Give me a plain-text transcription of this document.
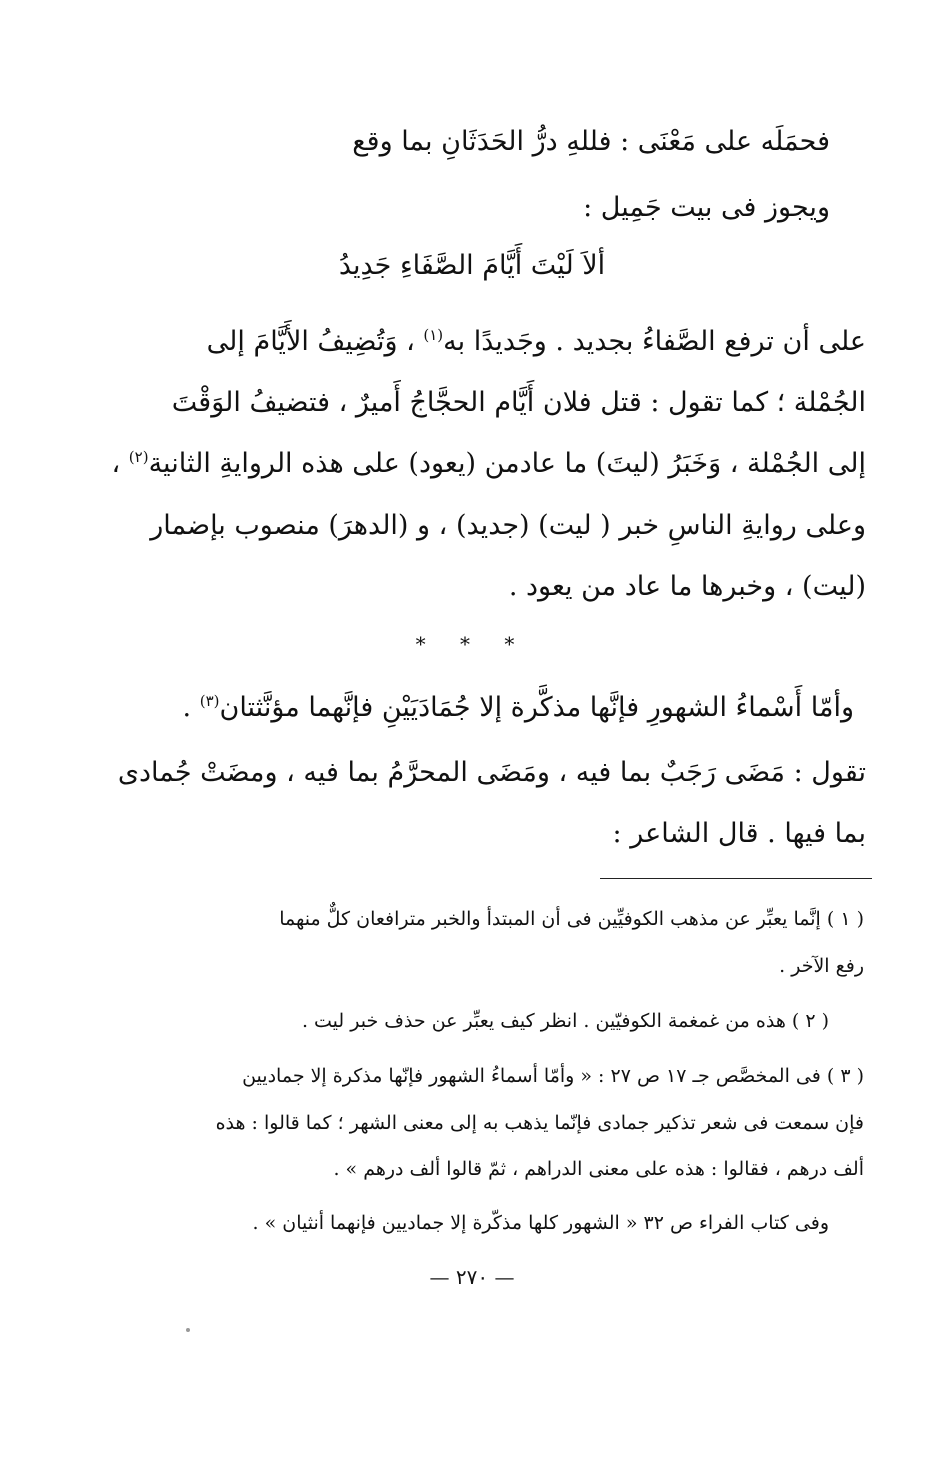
فحمَلَه على مَعْنَى : فللهِ درُّ الحَدَثَانِ بما وقع
ويجوز فى بيت جَمِيل :
ألاَ لَيْتَ أَيَّامَ الصَّفَاءِ جَدِيدُ
على أن ترفع الصَّفاءُ بجديد . وجَديدًا به$^{(١)}$ ، وَتُضِيفُ الأَيَّامَ إلى
الجُمْلة ؛ كما تقول : قتل فلان أَيَّام الحجَّاجُ أَميرٌ ، فتضيفُ الوَقْتَ
إلى الجُمْلة ، وَخَبَرُ (ليتَ) ما عادمن (يعود) على هذه الروايةِ الثانية$^{(٢)}$ ،
وعلى روايةِ الناسِ خبر ( ليت) (جديد) ، و (الدهرَ) منصوب بإضمار
(ليت) ، وخبرها ما عاد من يعود .
* * *
وأمّا أَسْماءُ الشهورِ فإنَّها مذكَّرة إلا جُمَادَيَيْنِ فإنَّهما مؤنَّثتان$^{(٣)}$ .
تقول : مَضَى رَجَبٌ بما فيه ، ومَضَى المحرَّمُ بما فيه ، ومضَتْ جُمادى
بما فيها . قال الشاعر :
( ١ ) إنَّما يعبِّر عن مذهب الكوفيِّين فى أن المبتدأ والخبر مترافعان كلٌّ منهما
رفع الآخر .
( ٢ ) هذه من غمغمة الكوفيّين . انظر كيف يعبِّر عن حذف خبر ليت .
( ٣ ) فى المخصَّص جـ ١٧ ص ٢٧ : « وأمّا أسماءُ الشهور فإنّها مذكرة إلا جماديين
فإن سمعت فى شعر تذكير جمادى فإنّما يذهب به إلى معنى الشهر ؛ كما قالوا : هذه
ألف درهم ، فقالوا : هذه على معنى الدراهم ، ثمّ قالوا ألف درهم » .
وفى كتاب الفراء ص ٣٢ « الشهور كلها مذكّرة إلا جماديين فإنهما أنثيان » .
— ٢٧٠ —
